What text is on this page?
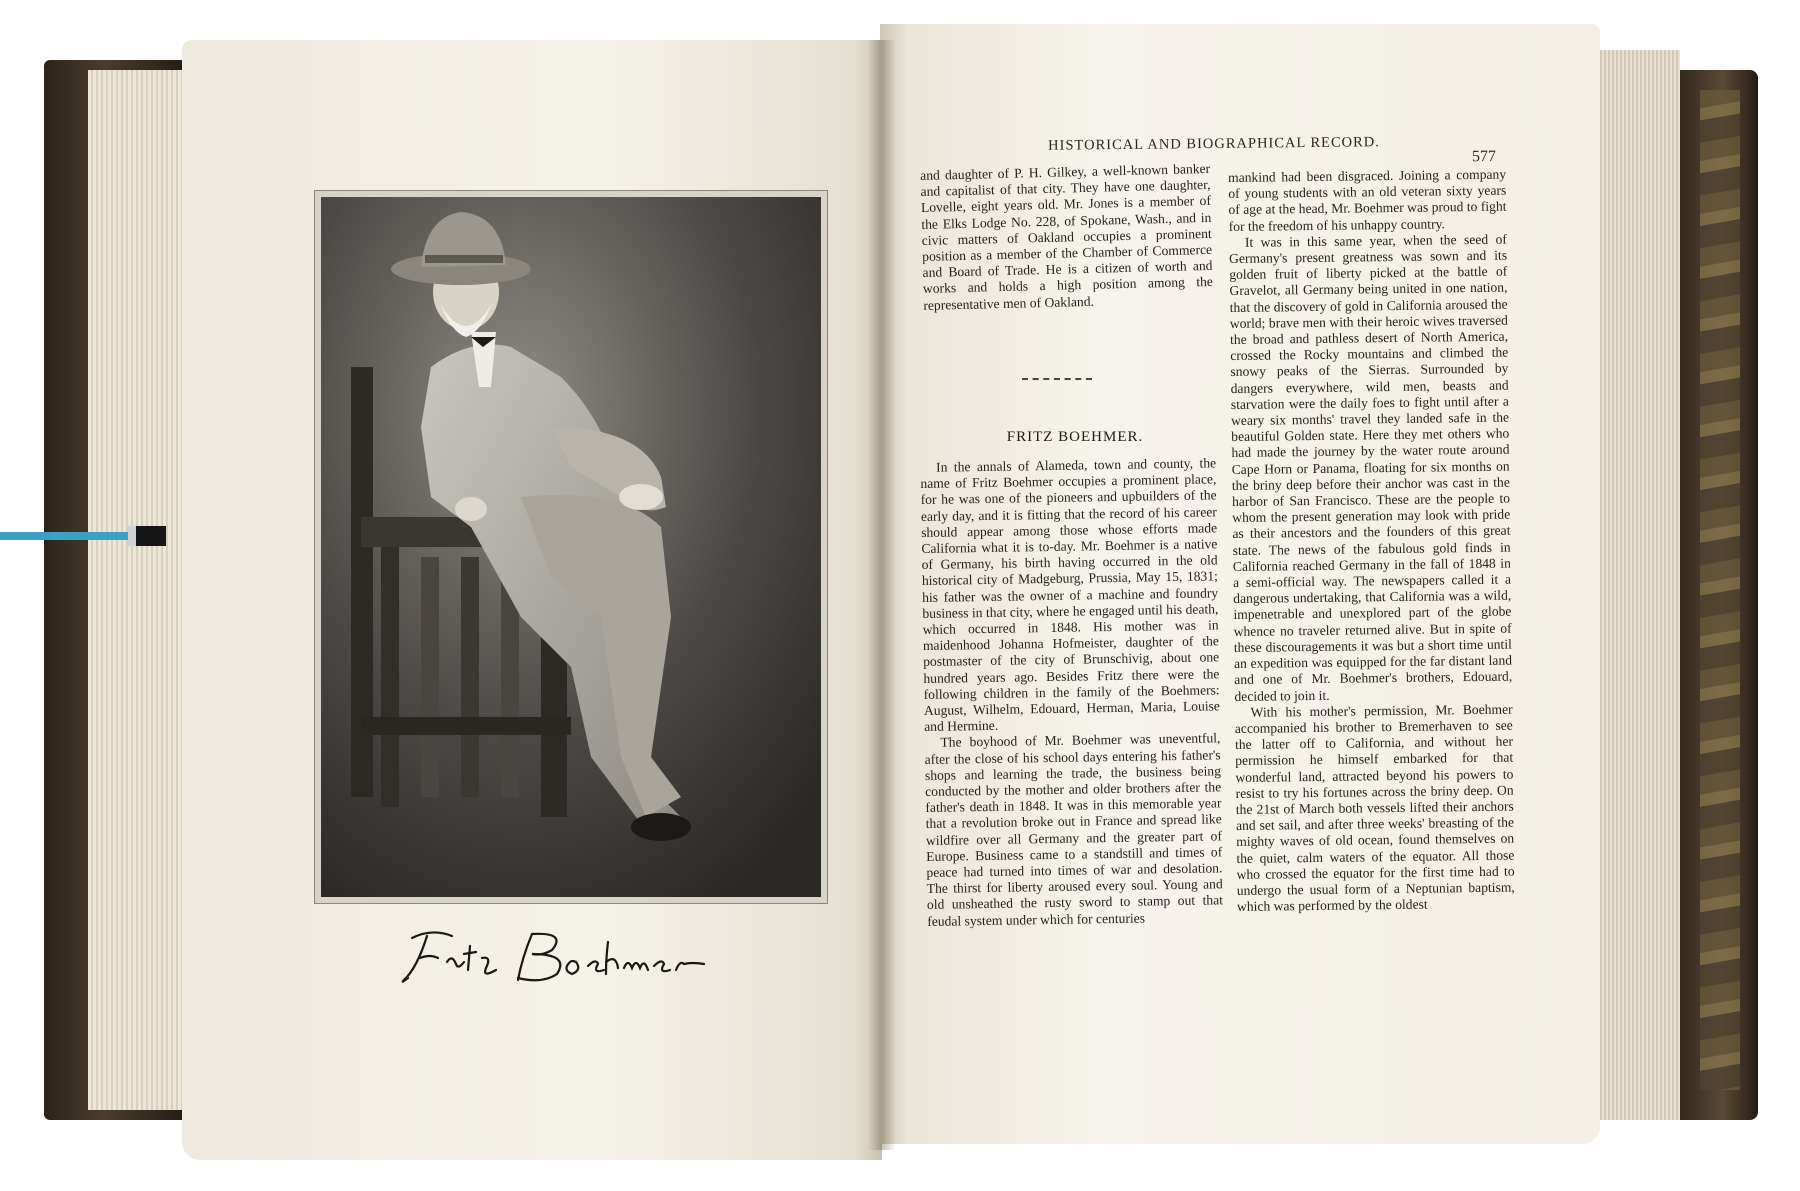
HISTORICAL AND BIOGRAPHICAL RECORD.
577

and daughter of P. H. Gilkey, a well-known banker and capitalist of that city. They have one daughter, Lovelle, eight years old. Mr. Jones is a member of the Elks Lodge No. 228, of Spokane, Wash., and in civic matters of Oakland occupies a prominent position as a member of the Chamber of Commerce and Board of Trade. He is a citizen of worth and works and holds a high position among the representative men of Oakland.

FRITZ BOEHMER.

In the annals of Alameda, town and county, the name of Fritz Boehmer occupies a prominent place, for he was one of the pioneers and upbuilders of the early day, and it is fitting that the record of his career should appear among those whose efforts made California what it is to-day. Mr. Boehmer is a native of Germany, his birth having occurred in the old historical city of Madgeburg, Prussia, May 15, 1831; his father was the owner of a machine and foundry business in that city, where he engaged until his death, which occurred in 1848. His mother was in maidenhood Johanna Hofmeister, daughter of the postmaster of the city of Brunschivig, about one hundred years ago. Besides Fritz there were the following children in the family of the Boehmers: August, Wilhelm, Edouard, Herman, Maria, Louise and Hermine.

The boyhood of Mr. Boehmer was uneventful, after the close of his school days entering his father's shops and learning the trade, the business being conducted by the mother and older brothers after the father's death in 1848. It was in this memorable year that a revolution broke out in France and spread like wildfire over all Germany and the greater part of Europe. Business came to a standstill and times of peace had turned into times of war and desolation. The thirst for liberty aroused every soul. Young and old unsheathed the rusty sword to stamp out that feudal system under which for centuries

mankind had been disgraced. Joining a company of young students with an old veteran sixty years of age at the head, Mr. Boehmer was proud to fight for the freedom of his unhappy country.

It was in this same year, when the seed of Germany's present greatness was sown and its golden fruit of liberty picked at the battle of Gravelot, all Germany being united in one nation, that the discovery of gold in California aroused the world; brave men with their heroic wives traversed the broad and pathless desert of North America, crossed the Rocky mountains and climbed the snowy peaks of the Sierras. Surrounded by dangers everywhere, wild men, beasts and starvation were the daily foes to fight until after a weary six months' travel they landed safe in the beautiful Golden state. Here they met others who had made the journey by the water route around Cape Horn or Panama, floating for six months on the briny deep before their anchor was cast in the harbor of San Francisco. These are the people to whom the present generation may look with pride as their ancestors and the founders of this great state. The news of the fabulous gold finds in California reached Germany in the fall of 1848 in a semi-official way. The newspapers called it a dangerous undertaking, that California was a wild, impenetrable and unexplored part of the globe whence no traveler returned alive. But in spite of these discouragements it was but a short time until an expedition was equipped for the far distant land and one of Mr. Boehmer's brothers, Edouard, decided to join it.

With his mother's permission, Mr. Boehmer accompanied his brother to Bremerhaven to see the latter off to California, and without her permission he himself embarked for that wonderful land, attracted beyond his powers to resist to try his fortunes across the briny deep. On the 21st of March both vessels lifted their anchors and set sail, and after three weeks' breasting of the mighty waves of old ocean, found themselves on the quiet, calm waters of the equator. All those who crossed the equator for the first time had to undergo the usual form of a Neptunian baptism, which was performed by the oldest
